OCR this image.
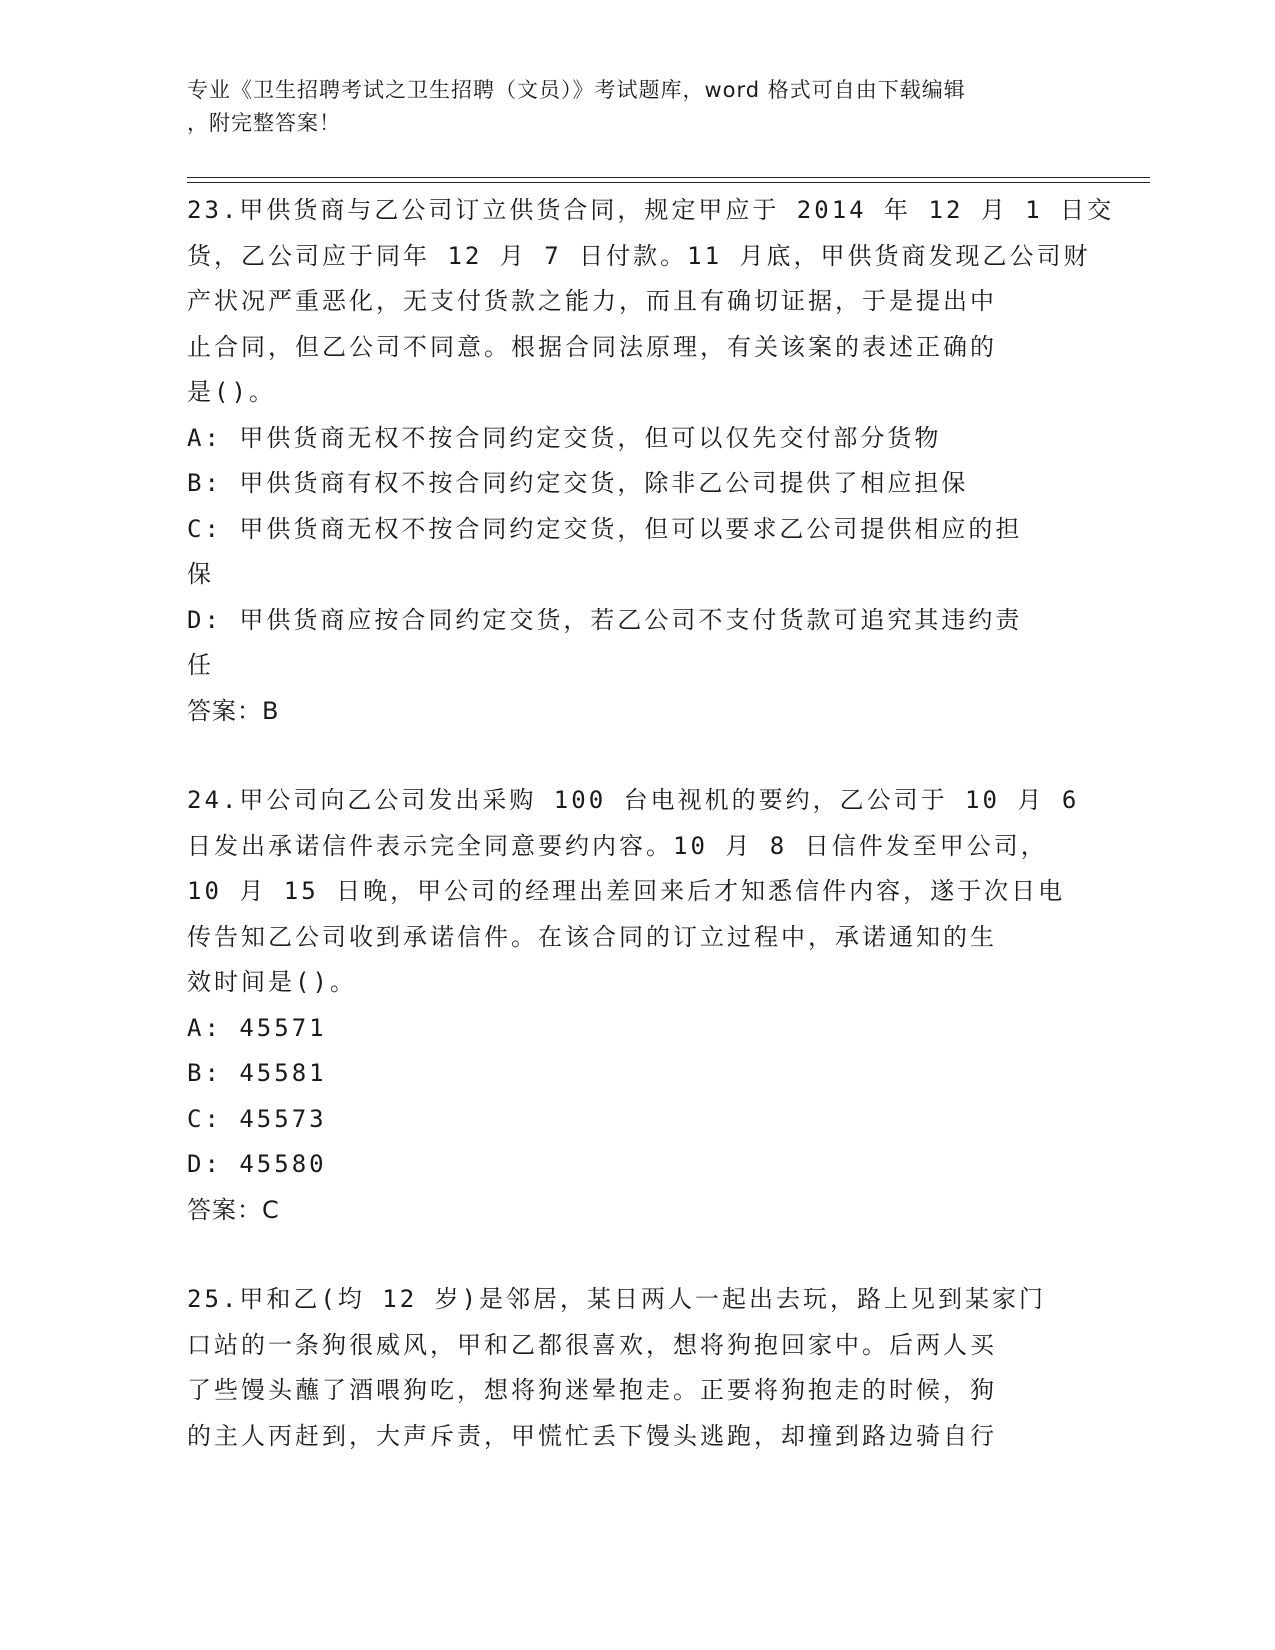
专业《卫生招聘考试之卫生招聘（文员）》考试题库，word 格式可自由下载编辑
，附完整答案！
23.甲供货商与乙公司订立供货合同，规定甲应于 2014 年 12 月 1 日交
货，乙公司应于同年 12 月 7 日付款。11 月底，甲供货商发现乙公司财
产状况严重恶化，无支付货款之能力，而且有确切证据，于是提出中
止合同，但乙公司不同意。根据合同法原理，有关该案的表述正确的
是()。
A: 甲供货商无权不按合同约定交货，但可以仅先交付部分货物
B: 甲供货商有权不按合同约定交货，除非乙公司提供了相应担保
C: 甲供货商无权不按合同约定交货，但可以要求乙公司提供相应的担
保
D: 甲供货商应按合同约定交货，若乙公司不支付货款可追究其违约责
任
答案：B
24.甲公司向乙公司发出采购 100 台电视机的要约，乙公司于 10 月 6
日发出承诺信件表示完全同意要约内容。10 月 8 日信件发至甲公司，
10 月 15 日晚，甲公司的经理出差回来后才知悉信件内容，遂于次日电
传告知乙公司收到承诺信件。在该合同的订立过程中，承诺通知的生
效时间是()。
A: 45571
B: 45581
C: 45573
D: 45580
答案：C
25.甲和乙(均 12 岁)是邻居，某日两人一起出去玩，路上见到某家门
口站的一条狗很威风，甲和乙都很喜欢，想将狗抱回家中。后两人买
了些馒头蘸了酒喂狗吃，想将狗迷晕抱走。正要将狗抱走的时候，狗
的主人丙赶到，大声斥责，甲慌忙丢下馒头逃跑，却撞到路边骑自行
